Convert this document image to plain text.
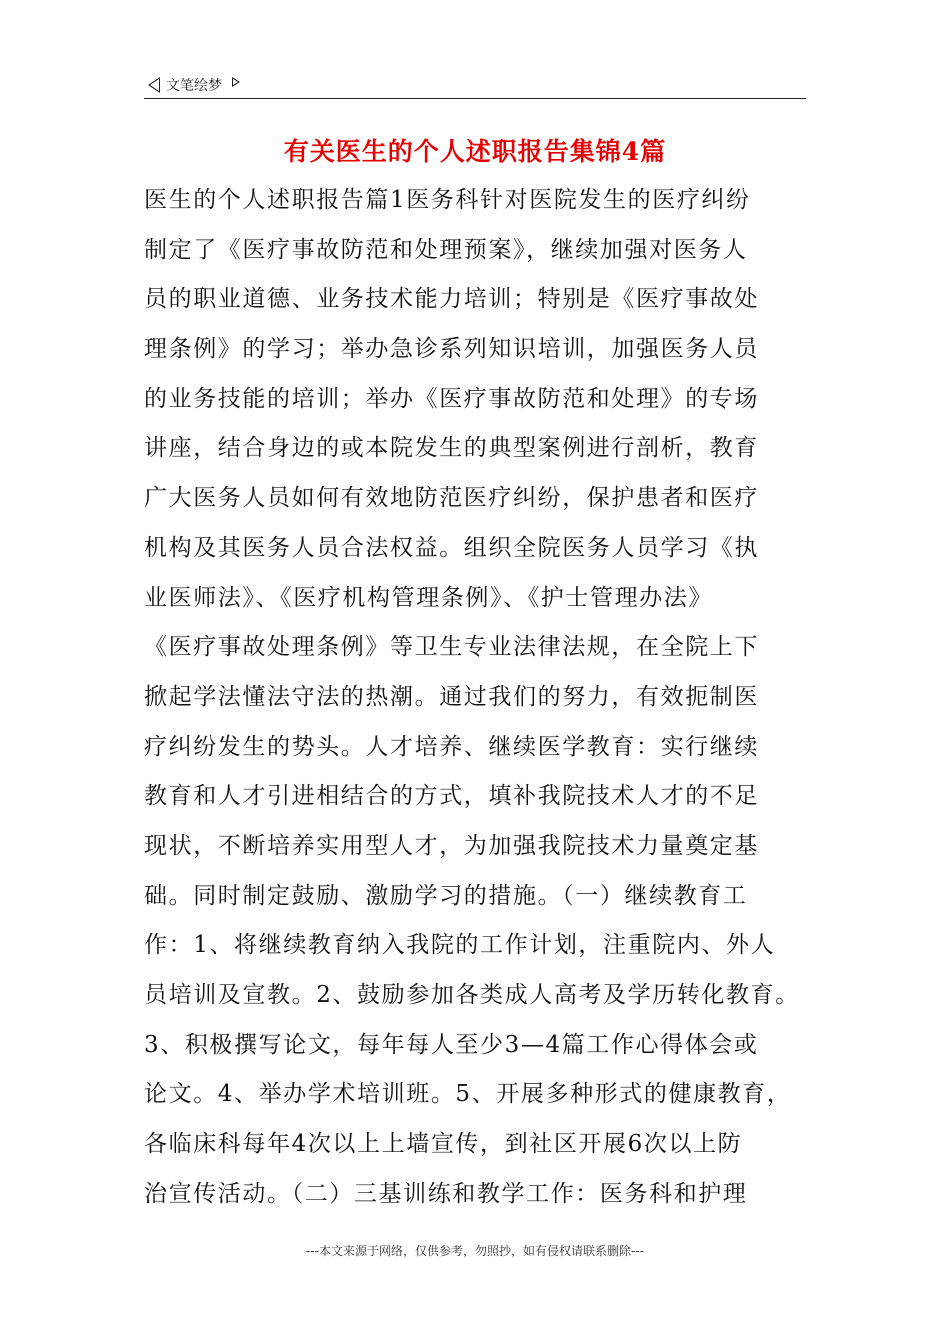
文笔绘梦
有关医生的个人述职报告集锦4篇
医生的个人述职报告篇1医务科针对医院发生的医疗纠纷
制定了《医疗事故防范和处理预案》，继续加强对医务人
员的职业道德、业务技术能力培训；特别是《医疗事故处
理条例》的学习；举办急诊系列知识培训，加强医务人员
的业务技能的培训；举办《医疗事故防范和处理》的专场
讲座，结合身边的或本院发生的典型案例进行剖析，教育
广大医务人员如何有效地防范医疗纠纷，保护患者和医疗
机构及其医务人员合法权益。组织全院医务人员学习《执
业医师法》、《医疗机构管理条例》、《护士管理办法》
《医疗事故处理条例》等卫生专业法律法规，在全院上下
掀起学法懂法守法的热潮。通过我们的努力，有效扼制医
疗纠纷发生的势头。人才培养、继续医学教育：实行继续
教育和人才引进相结合的方式，填补我院技术人才的不足
现状，不断培养实用型人才，为加强我院技术力量奠定基
础。同时制定鼓励、激励学习的措施。（一）继续教育工
作：1、将继续教育纳入我院的工作计划，注重院内、外人
员培训及宣教。2、鼓励参加各类成人高考及学历转化教育。
3、积极撰写论文，每年每人至少3—4篇工作心得体会或
论文。4、举办学术培训班。5、开展多种形式的健康教育，
各临床科每年4次以上上墙宣传，到社区开展6次以上防
治宣传活动。（二）三基训练和教学工作：医务科和护理
---本文来源于网络，仅供参考，勿照抄，如有侵权请联系删除---
